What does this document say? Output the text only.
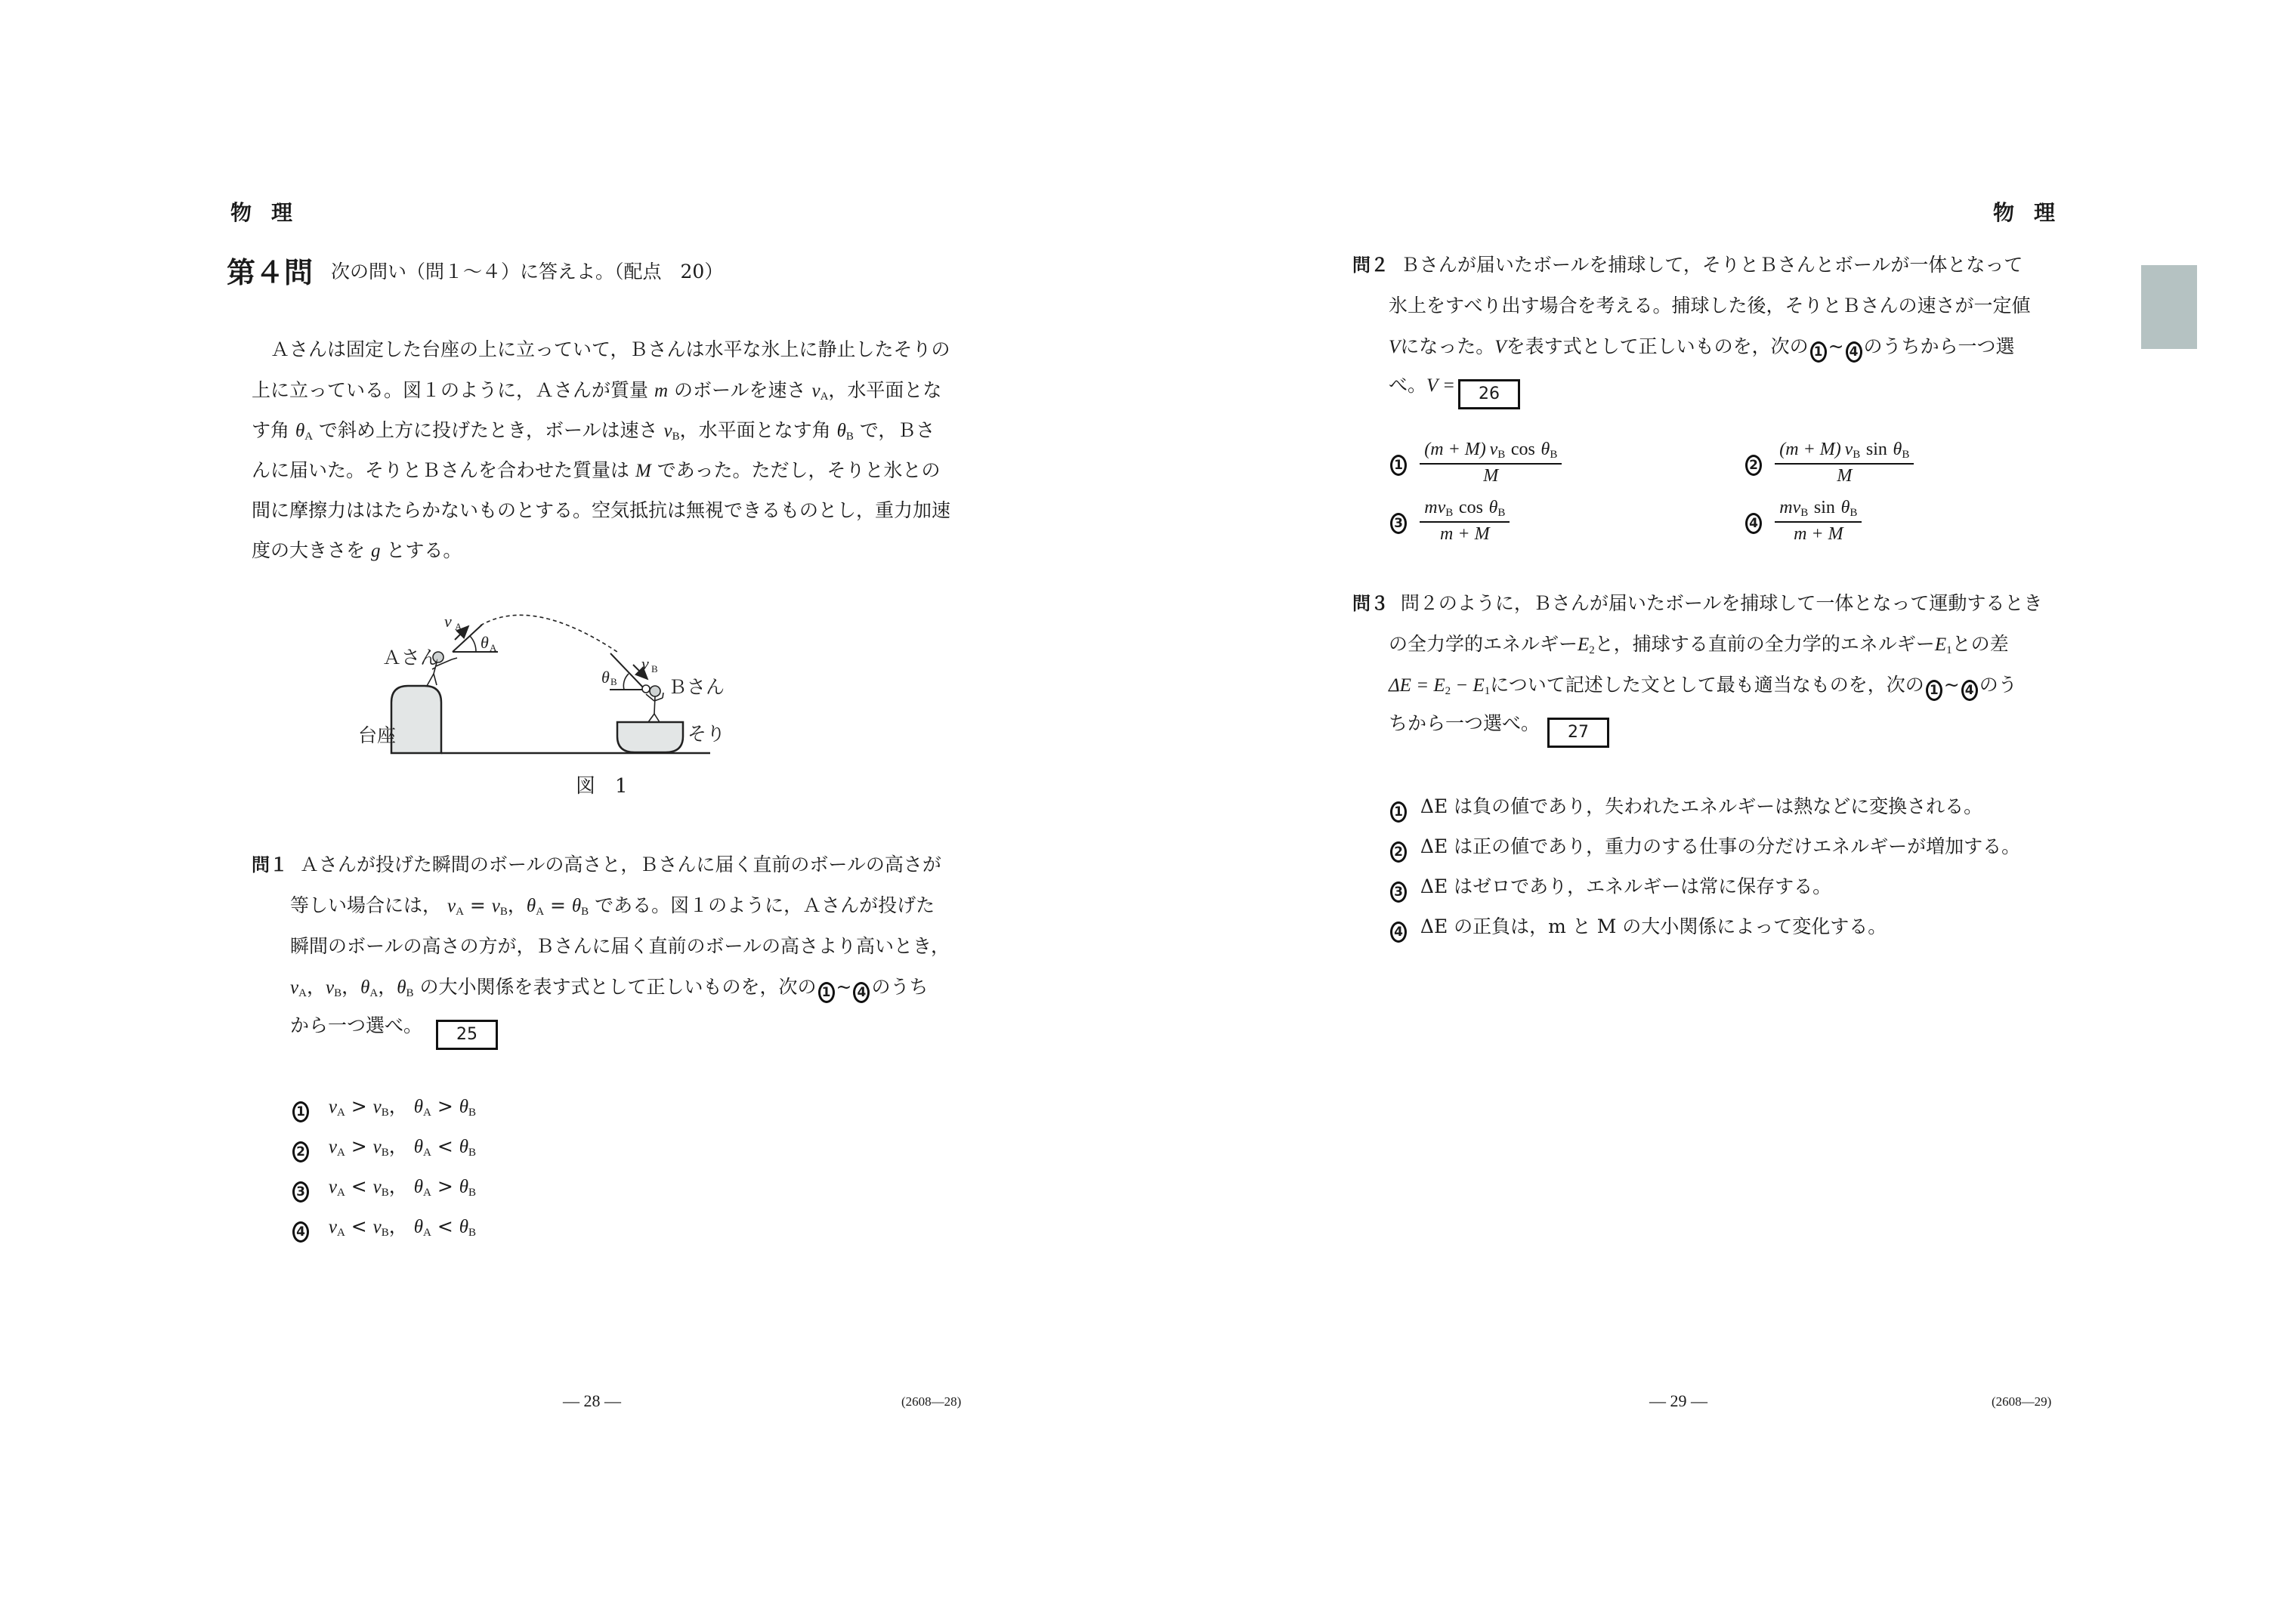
物理
第４問 次の問い（問１～４）に答えよ。（配点　20）
Ａさんは固定した台座の上に立っていて，Ｂさんは水平な氷上に静止したそりの
上に立っている。図１のように，Ａさんが質量 m のボールを速さ $v_A$，水平面とな
す角 $\theta_A$ で斜め上方に投げたとき，ボールは速さ $v_B$，水平面となす角 $\theta_B$ で，Ｂさ
んに届いた。そりとＢさんを合わせた質量は M であった。ただし，そりと氷との
間に摩擦力ははたらかないものとする。空気抵抗は無視できるものとし，重力加速
度の大きさを g とする。
Ａさん
Ｂさん
台座	そり
v A
θ A
v B
θ B
図　1
問１ Ａさんが投げた瞬間のボールの高さと，Ｂさんに届く直前のボールの高さが
等しい場合には， $v_A = v_B$，$\theta_A = \theta_B$ である。図１のように，Ａさんが投げた
瞬間のボールの高さの方が，Ｂさんに届く直前のボールの高さより高いとき，
$v_A$，$v_B$，$\theta_A$，$\theta_B$ の大小関係を表す式として正しいものを，次の 1 ~ 4 のうち
から一つ選べ。 25
1 $v_A > v_B$， $\theta_A > \theta_B$
2 $v_A > v_B$， $\theta_A < \theta_B$
3 $v_A < v_B$， $\theta_A > \theta_B$
4 $v_A < v_B$， $\theta_A < \theta_B$
— 28 —	(2608—28)
物理
問２ Ｂさんが届いたボールを捕球して，そりとＢさんとボールが一体となって
氷上をすべり出す場合を考える。捕球した後，そりとＢさんの速さが一定値
Vになった。Vを表す式として正しいものを，次の 1 ~ 4 のうちから一つ選
べ。V = 26
$1 \frac{(m + M) v_B \cos \theta_B}{M}$	$2 \frac{(m + M) v_B \sin \theta_B}{M}$
$3 \frac{mv_B \cos \theta_B}{m + M}$	$4 \frac{mv_B \sin \theta_B}{m + M}$
問３ 問２のように，Ｂさんが届いたボールを捕球して一体となって運動するとき
の全力学的エネルギー$E_2$と，捕球する直前の全力学的エネルギー$E_1$との差
$\Delta E = E_2 - E_1$について記述した文として最も適当なものを，次の 1 ~ 4 のう
ちから一つ選べ。 27
1 ΔE は負の値であり，失われたエネルギーは熱などに変換される。
2 ΔE は正の値であり，重力のする仕事の分だけエネルギーが増加する。
3 ΔE はゼロであり，エネルギーは常に保存する。
4 ΔE の正負は，m と M の大小関係によって変化する。
— 29 —	(2608—29)
